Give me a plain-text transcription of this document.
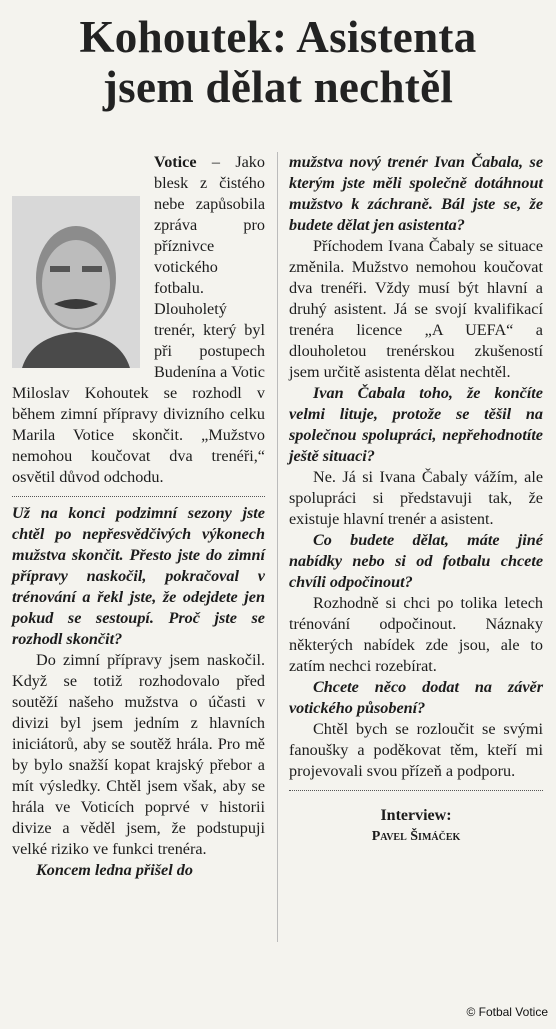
Kohoutek: Asistenta
jsem dělat nechtěl

Votice – Jako blesk z čistého nebe zapůsobila zpráva pro příznivce votického fotbalu. Dlouholetý trenér, který byl při postupech Budenína a Votic Miloslav Kohoutek se rozhodl v během zimní přípravy divizního celku Marila Votice skončit. „Mužstvo nemohou koučovat dva trenéři,“ osvětil důvod odchodu.

Už na konci podzimní sezony jste chtěl po nepřesvědčivých výkonech mužstva skončit. Přesto jste do zimní přípravy naskočil, pokračoval v trénování a řekl jste, že odejdete jen pokud se sestoupí. Proč jste se rozhodl skončit?

Do zimní přípravy jsem naskočil. Když se totiž rozhodovalo před soutěží našeho mužstva o účasti v divizi byl jsem jedním z hlavních iniciátorů, aby se soutěž hrála. Pro mě by bylo snažší kopat krajský přebor a mít výsledky. Chtěl jsem však, aby se hrála ve Voticích poprvé v historii divize a věděl jsem, že podstupuji velké riziko ve funkci trenéra.

Koncem ledna přišel do

mužstva nový trenér Ivan Čabala, se kterým jste měli společně dotáhnout mužstvo k záchraně. Bál jste se, že budete dělat jen asistenta?

Příchodem Ivana Čabaly se situace změnila. Mužstvo nemohou koučovat dva trenéři. Vždy musí být hlavní a druhý asistent. Já se svojí kvalifikací trenéra licence „A UEFA“ a dlouholetou trenérskou zkušeností jsem určitě asistenta dělat nechtěl.

Ivan Čabala toho, že končíte velmi lituje, protože se těšil na společnou spolupráci, nepřehodnotíte ještě situaci?

Ne. Já si Ivana Čabaly vážím, ale spolupráci si představuji tak, že existuje hlavní trenér a asistent.

Co budete dělat, máte jiné nabídky nebo si od fotbalu chcete chvíli odpočinout?

Rozhodně si chci po tolika letech trénování odpočinout. Náznaky některých nabídek zde jsou, ale to zatím nechci rozebírat.

Chcete něco dodat na závěr votického působení?

Chtěl bych se rozloučit se svými fanoušky a poděkovat těm, kteří mi projevovali svou přízeň a podporu.

Interview:
Pavel Šimáček
© Fotbal Votice
